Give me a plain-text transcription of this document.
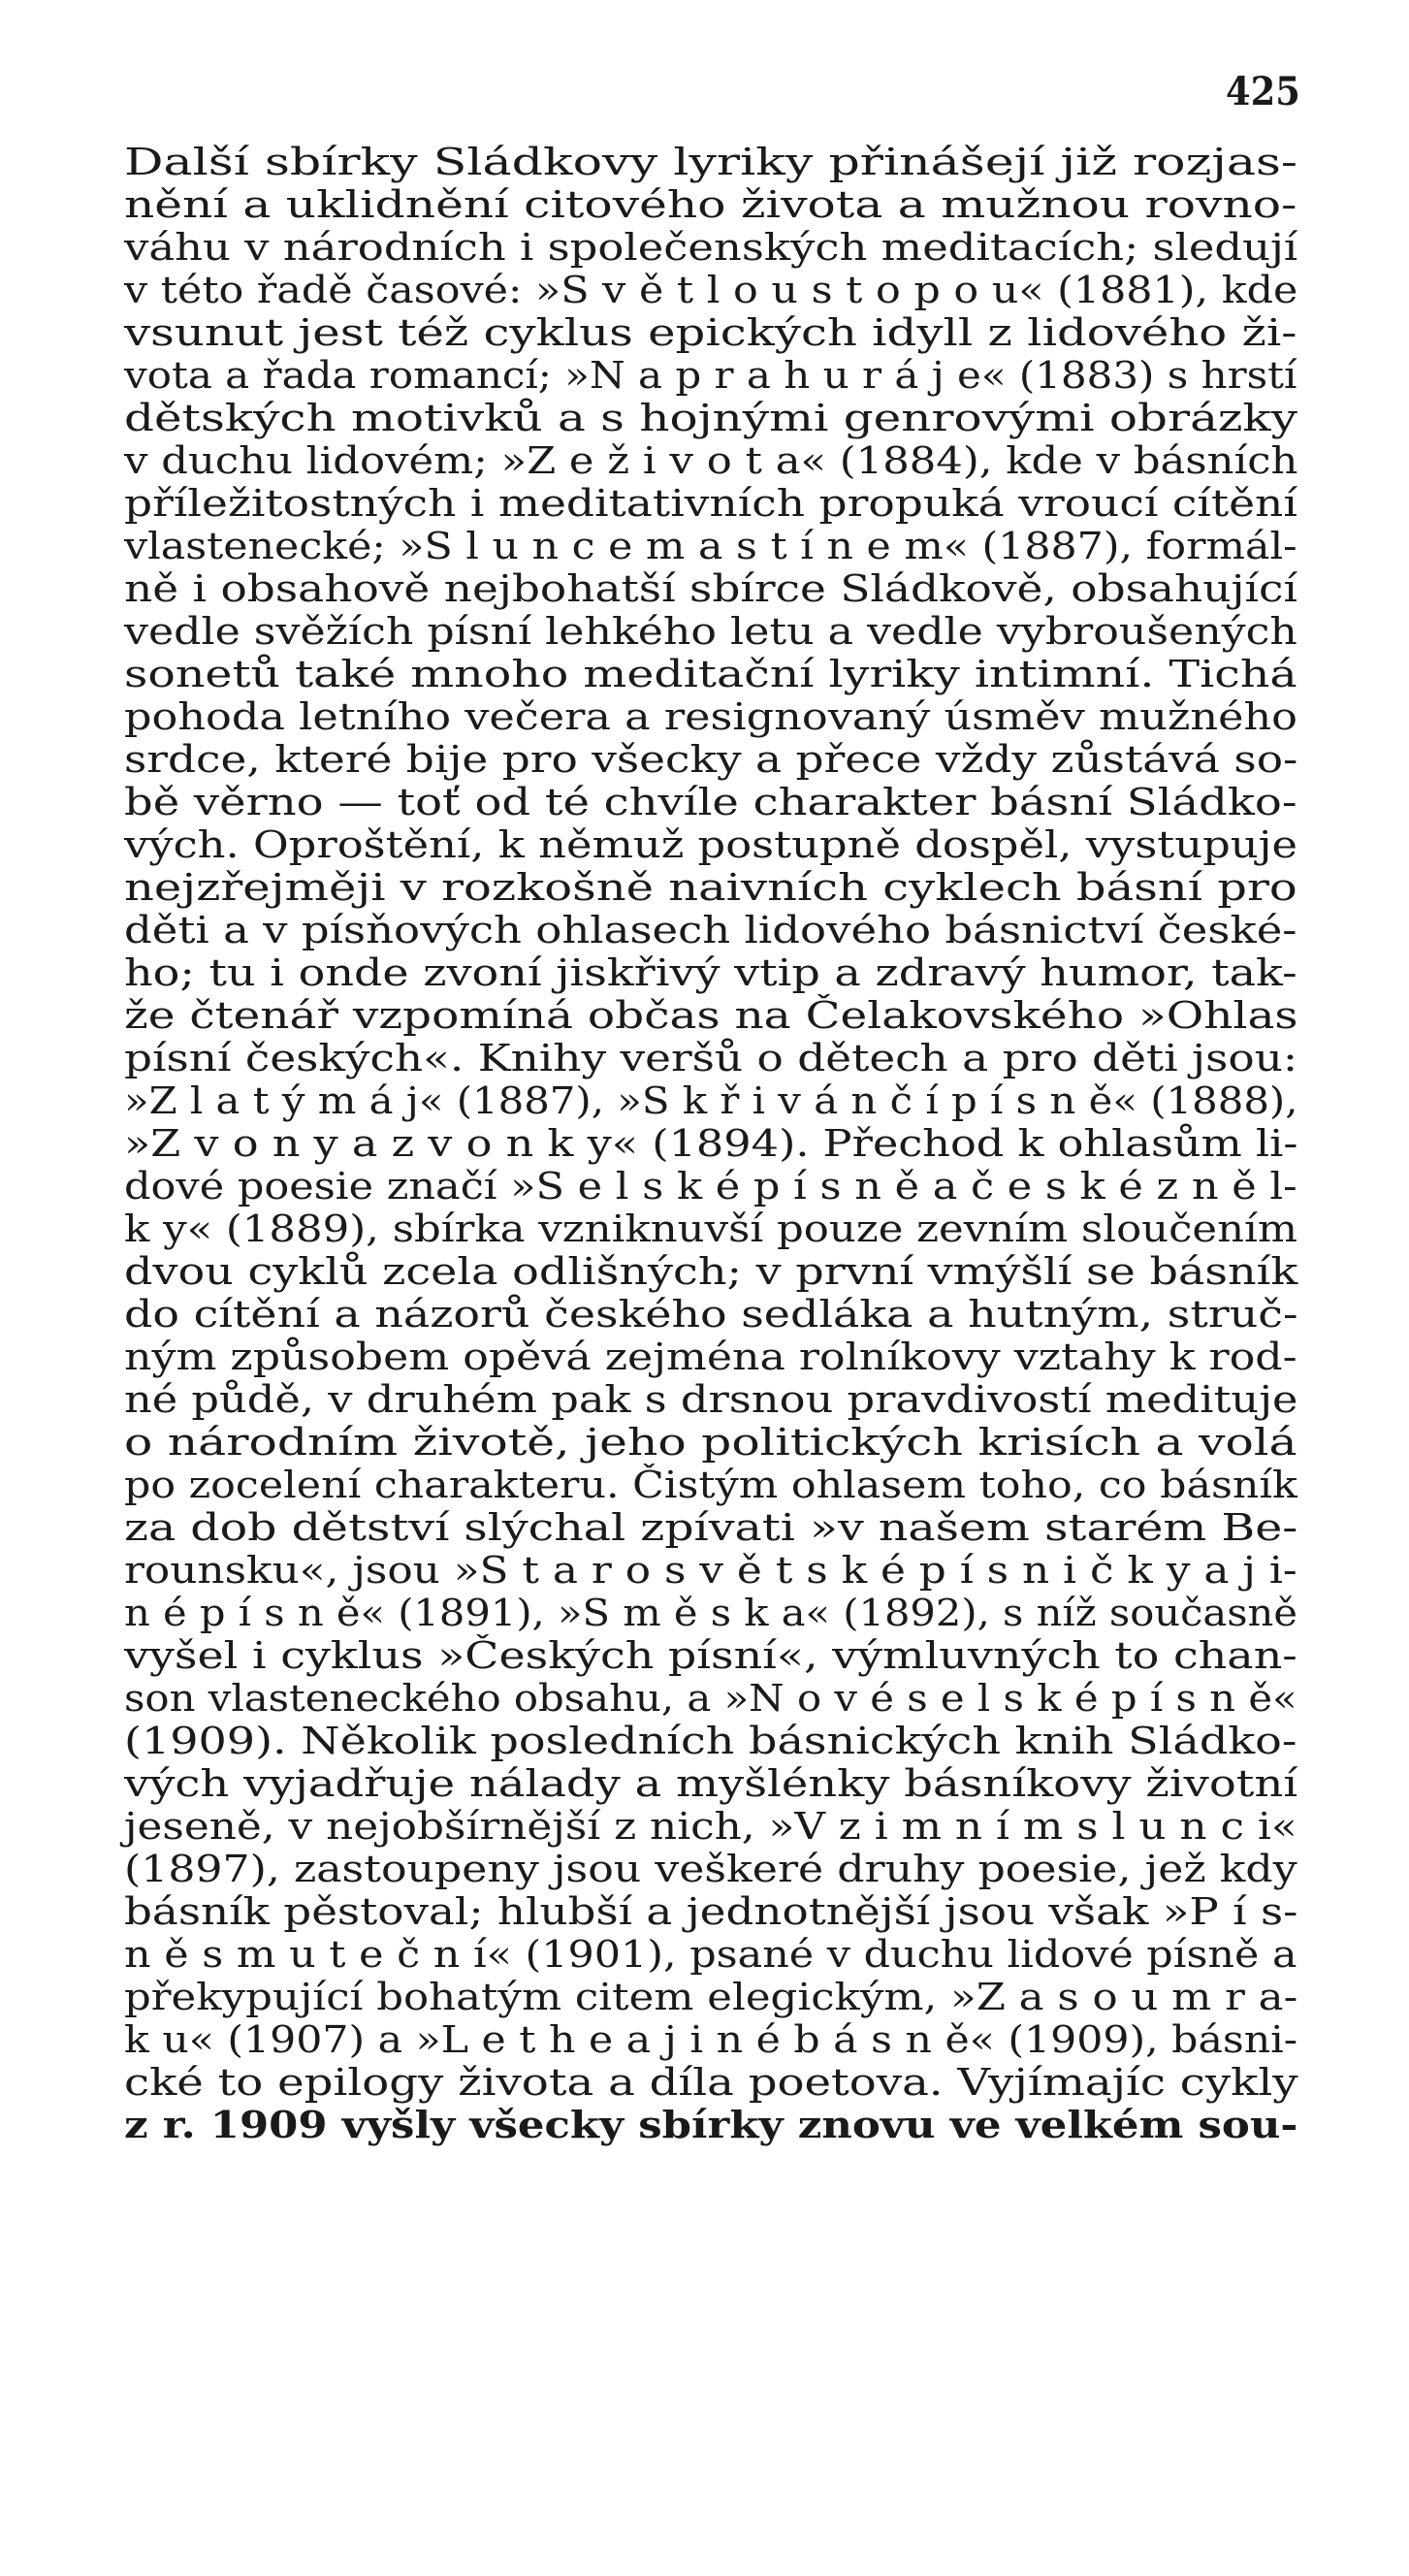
425
Další sbírky Sládkovy lyriky přinášejí již rozjas-
nění a uklidnění citového života a mužnou rovno-
váhu v národních i společenských meditacích; sledují
v této řadě časové: »S v ě t l o u s t o p o u« (1881), kde
vsunut jest též cyklus epických idyll z lidového ži-
vota a řada romancí; »N a p r a h u r á j e« (1883) s hrstí
dětských motivků a s hojnými genrovými obrázky
v duchu lidovém; »Z e ž i v o t a« (1884), kde v básních
příležitostných i meditativních propuká vroucí cítění
vlastenecké; »S l u n c e m a s t í n e m« (1887), formál-
ně i obsahově nejbohatší sbírce Sládkově, obsahující
vedle svěžích písní lehkého letu a vedle vybroušených
sonetů také mnoho meditační lyriky intimní. Tichá
pohoda letního večera a resignovaný úsměv mužného
srdce, které bije pro všecky a přece vždy zůstává so-
bě věrno — toť od té chvíle charakter básní Sládko-
vých. Oproštění, k němuž postupně dospěl, vystupuje
nejzřejměji v rozkošně naivních cyklech básní pro
děti a v písňových ohlasech lidového básnictví české-
ho; tu i onde zvoní jiskřivý vtip a zdravý humor, tak-
že čtenář vzpomíná občas na Čelakovského »Ohlas
písní českých«. Knihy veršů o dětech a pro děti jsou:
»Z l a t ý m á j« (1887), »S k ř i v á n č í p í s n ě« (1888),
»Z v o n y a z v o n k y« (1894). Přechod k ohlasům li-
dové poesie značí »S e l s k é p í s n ě a č e s k é z n ě l-
k y« (1889), sbírka vzniknuvší pouze zevním sloučením
dvou cyklů zcela odlišných; v první vmýšlí se básník
do cítění a názorů českého sedláka a hutným, struč-
ným způsobem opěvá zejména rolníkovy vztahy k rod-
né půdě, v druhém pak s drsnou pravdivostí medituje
o národním životě, jeho politických krisích a volá
po zocelení charakteru. Čistým ohlasem toho, co básník
za dob dětství slýchal zpívati »v našem starém Be-
rounsku«, jsou »S t a r o s v ě t s k é p í s n i č k y a j i-
n é p í s n ě« (1891), »S m ě s k a« (1892), s níž současně
vyšel i cyklus »Českých písní«, výmluvných to chan-
son vlasteneckého obsahu, a »N o v é s e l s k é p í s n ě«
(1909). Několik posledních básnických knih Sládko-
vých vyjadřuje nálady a myšlénky básníkovy životní
jeseně, v nejobšírnější z nich, »V z i m n í m s l u n c i«
(1897), zastoupeny jsou veškeré druhy poesie, jež kdy
básník pěstoval; hlubší a jednotnější jsou však »P í s-
n ě s m u t e č n í« (1901), psané v duchu lidové písně a
překypující bohatým citem elegickým, »Z a s o u m r a-
k u« (1907) a »L e t h e a j i n é b á s n ě« (1909), básni-
cké to epilogy života a díla poetova. Vyjímajíc cykly
z r. 1909 vyšly všecky sbírky znovu ve velkém sou-
